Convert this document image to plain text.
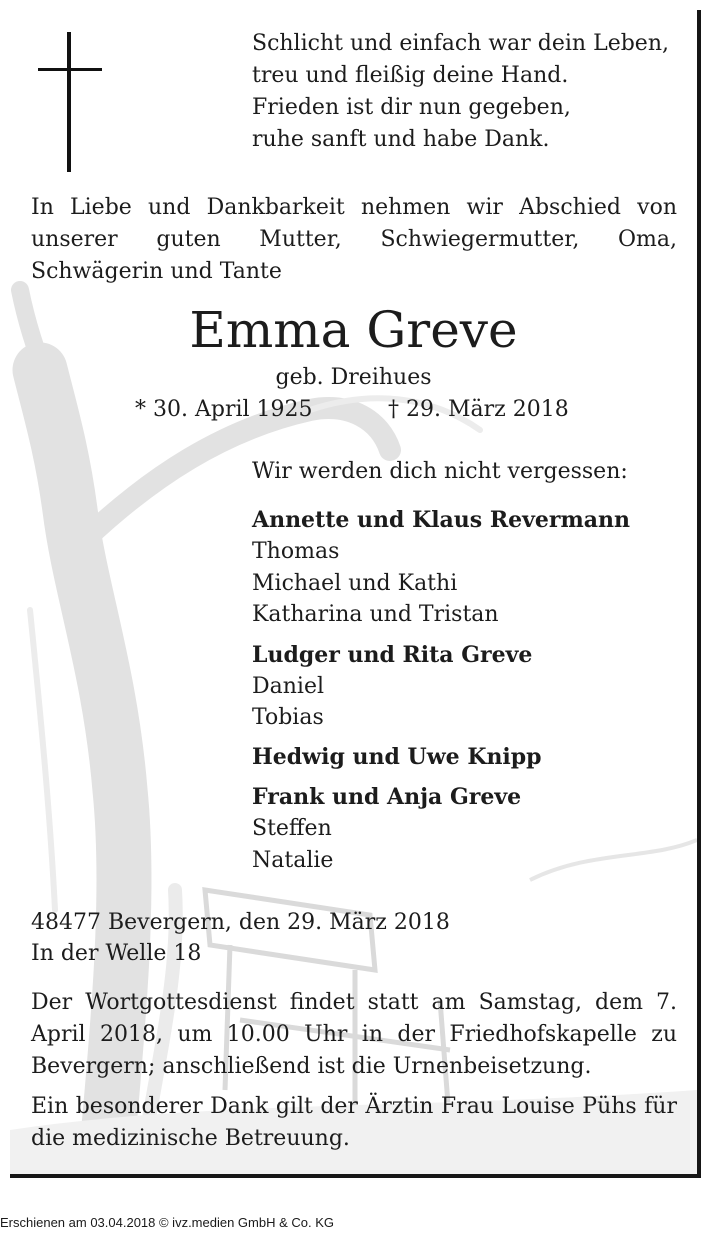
Schlicht und einfach war dein Leben,
treu und fleißig deine Hand.
Frieden ist dir nun gegeben,
ruhe sanft und habe Dank.
In Liebe und Dankbarkeit nehmen wir Abschied von unserer guten Mutter, Schwiegermutter, Oma, Schwägerin und Tante
Emma Greve
geb. Dreihues
* 30. April 1925	† 29. März 2018
Wir werden dich nicht vergessen:
Annette und Klaus Revermann
Thomas
Michael und Kathi
Katharina und Tristan
Ludger und Rita Greve
Daniel
Tobias
Hedwig und Uwe Knipp
Frank und Anja Greve
Steffen
Natalie
48477 Bevergern, den 29. März 2018
In der Welle 18
Der Wortgottesdienst findet statt am Samstag, dem 7. April 2018, um 10.00 Uhr in der Friedhofskapelle zu Bevergern; anschließend ist die Urnenbeisetzung.
Ein besonderer Dank gilt der Ärztin Frau Louise Pühs für die medizinische Betreuung.
Erschienen am 03.04.2018 © ivz.medien GmbH & Co. KG
